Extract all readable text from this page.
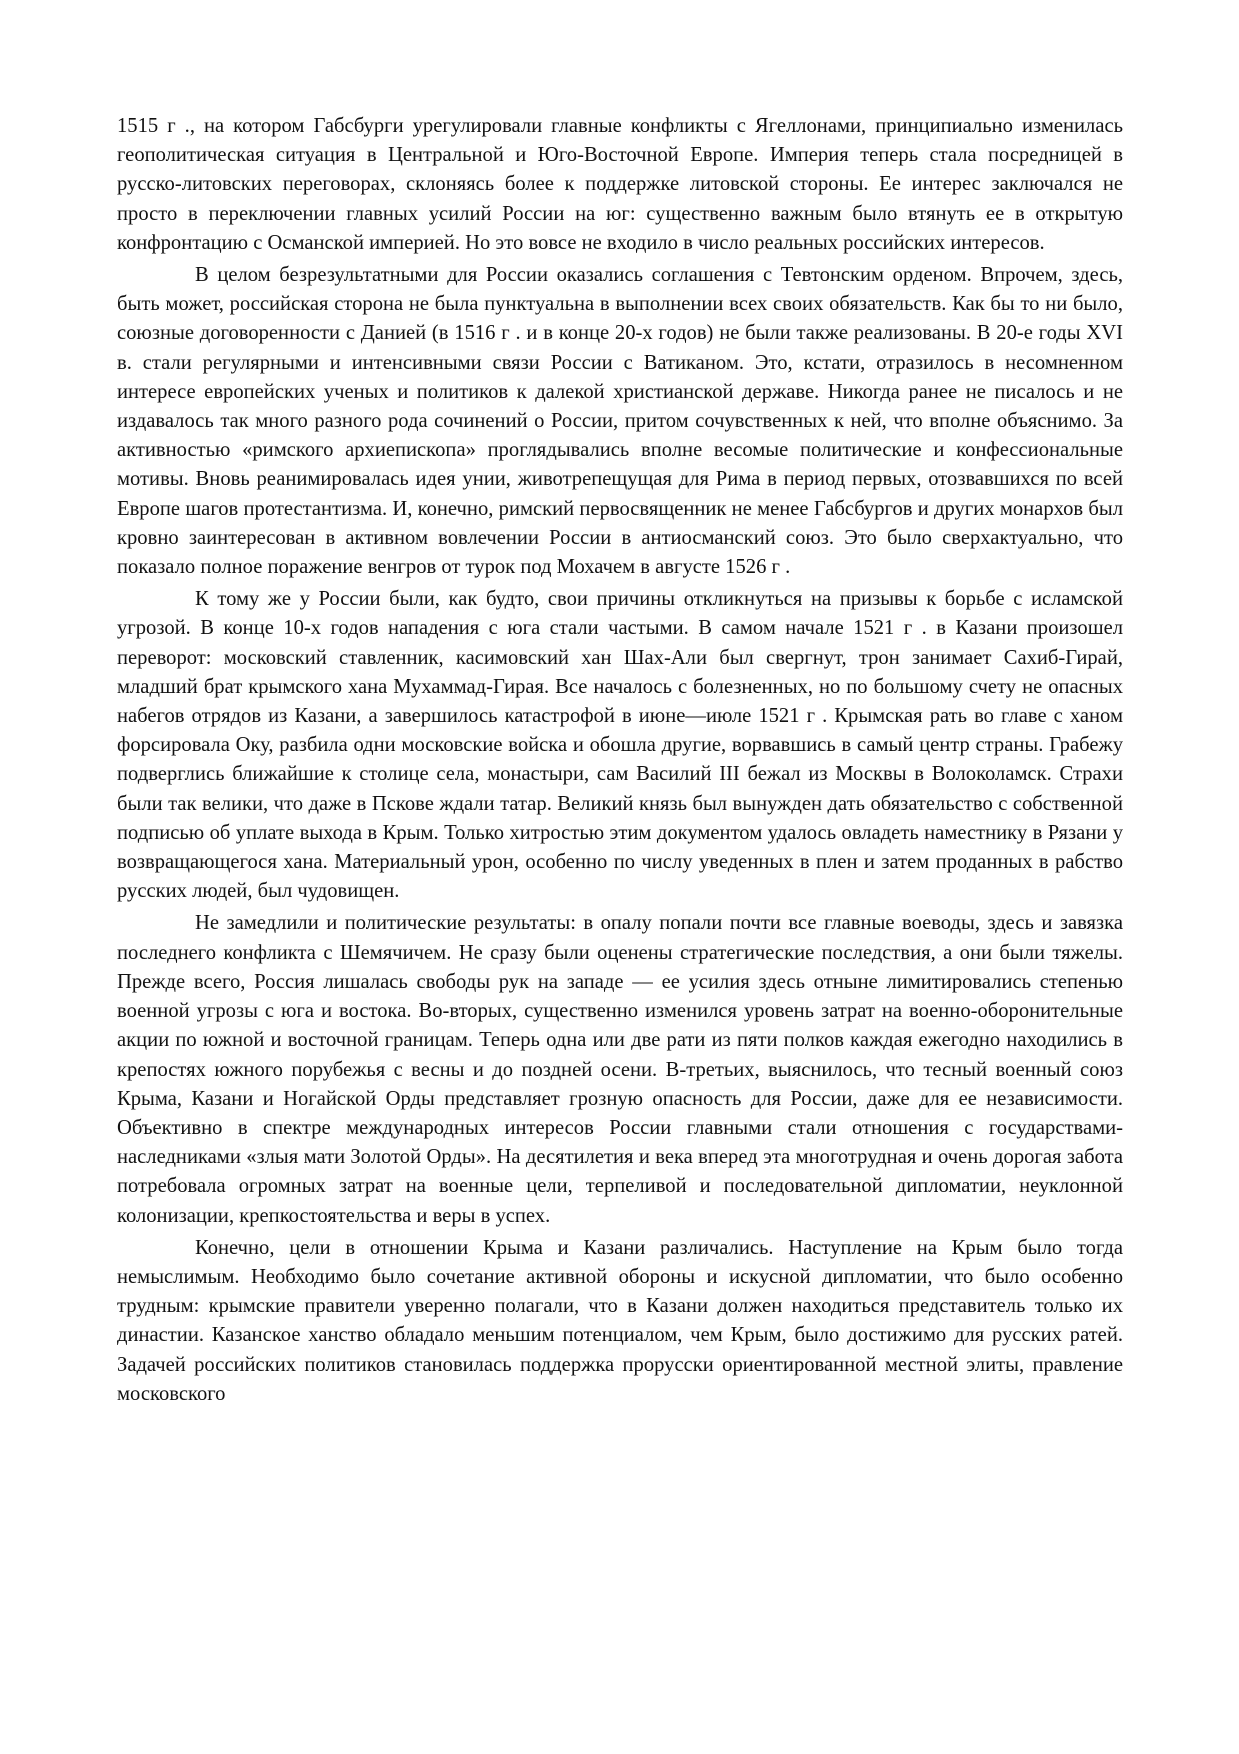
1515 г ., на котором Габсбурги урегулировали главные конфликты с Ягеллонами, принципиально изменилась геополитическая ситуация в Центральной и Юго-Восточной Европе. Империя теперь стала посредницей в русско-литовских переговорах, склоняясь более к поддержке литовской стороны. Ее интерес заключался не просто в переключении главных усилий России на юг: существенно важным было втянуть ее в открытую конфронтацию с Османской империей. Но это вовсе не входило в число реальных российских интересов.

В целом безрезультатными для России оказались соглашения с Тевтонским орденом. Впрочем, здесь, быть может, российская сторона не была пунктуальна в выполнении всех своих обязательств. Как бы то ни было, союзные договоренности с Данией (в 1516 г . и в конце 20-х годов) не были также реализованы. В 20-е годы XVI в. стали регулярными и интенсивными связи России с Ватиканом. Это, кстати, отразилось в несомненном интересе европейских ученых и политиков к далекой христианской державе. Никогда ранее не писалось и не издавалось так много разного рода сочинений о России, притом сочувственных к ней, что вполне объяснимо. За активностью «римского архиепископа» проглядывались вполне весомые политические и конфессиональные мотивы. Вновь реанимировалась идея унии, животрепещущая для Рима в период первых, отозвавшихся по всей Европе шагов протестантизма. И, конечно, римский первосвященник не менее Габсбургов и других монархов был кровно заинтересован в активном вовлечении России в антиосманский союз. Это было сверхактуально, что показало полное поражение венгров от турок под Мохачем в августе 1526 г .

К тому же у России были, как будто, свои причины откликнуться на призывы к борьбе с исламской угрозой. В конце 10-х годов нападения с юга стали частыми. В самом начале 1521 г . в Казани произошел переворот: московский ставленник, касимовский хан Шах-Али был свергнут, трон занимает Сахиб-Гирай, младший брат крымского хана Мухаммад-Гирая. Все началось с болезненных, но по большому счету не опасных набегов отрядов из Казани, а завершилось катастрофой в июне—июле 1521 г . Крымская рать во главе с ханом форсировала Оку, разбила одни московские войска и обошла другие, ворвавшись в самый центр страны. Грабежу подверглись ближайшие к столице села, монастыри, сам Василий III бежал из Москвы в Волоколамск. Страхи были так велики, что даже в Пскове ждали татар. Великий князь был вынужден дать обязательство с собственной подписью об уплате выхода в Крым. Только хитростью этим документом удалось овладеть наместнику в Рязани у возвращающегося хана. Материальный урон, особенно по числу уведенных в плен и затем проданных в рабство русских людей, был чудовищен.

Не замедлили и политические результаты: в опалу попали почти все главные воеводы, здесь и завязка последнего конфликта с Шемячичем. Не сразу были оценены стратегические последствия, а они были тяжелы. Прежде всего, Россия лишалась свободы рук на западе — ее усилия здесь отныне лимитировались степенью военной угрозы с юга и востока. Во-вторых, существенно изменился уровень затрат на военно-оборонительные акции по южной и восточной границам. Теперь одна или две рати из пяти полков каждая ежегодно находились в крепостях южного порубежья с весны и до поздней осени. В-третьих, выяснилось, что тесный военный союз Крыма, Казани и Ногайской Орды представляет грозную опасность для России, даже для ее независимости. Объективно в спектре международных интересов России главными стали отношения с государствами-наследниками «злыя мати Золотой Орды». На десятилетия и века вперед эта многотрудная и очень дорогая забота потребовала огромных затрат на военные цели, терпеливой и последовательной дипломатии, неуклонной колонизации, крепкостоятельства и веры в успех.

Конечно, цели в отношении Крыма и Казани различались. Наступление на Крым было тогда немыслимым. Необходимо было сочетание активной обороны и искусной дипломатии, что было особенно трудным: крымские правители уверенно полагали, что в Казани должен находиться представитель только их династии. Казанское ханство обладало меньшим потенциалом, чем Крым, было достижимо для русских ратей. Задачей российских политиков становилась поддержка прорусски ориентированной местной элиты, правление московского
